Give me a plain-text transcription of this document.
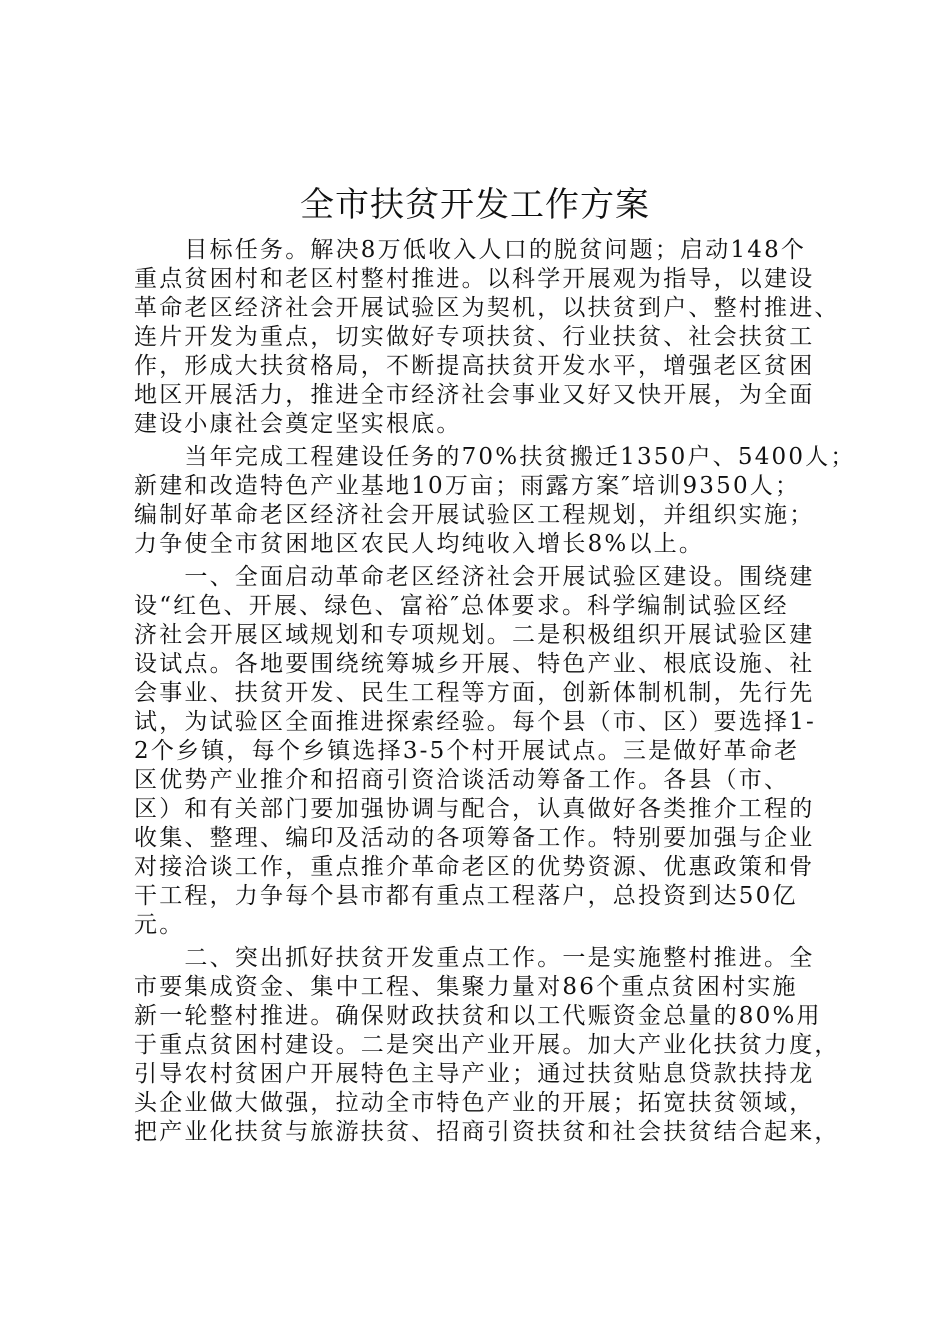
全市扶贫开发工作方案
　　目标任务。解决8万低收入人口的脱贫问题；启动148个
重点贫困村和老区村整村推进。以科学开展观为指导，以建设
革命老区经济社会开展试验区为契机，以扶贫到户、整村推进、
连片开发为重点，切实做好专项扶贫、行业扶贫、社会扶贫工
作，形成大扶贫格局，不断提高扶贫开发水平，增强老区贫困
地区开展活力，推进全市经济社会事业又好又快开展，为全面
建设小康社会奠定坚实根底。
　　当年完成工程建设任务的70%扶贫搬迁1350户、5400人；
新建和改造特色产业基地10万亩；雨露方案″培训9350人；
编制好革命老区经济社会开展试验区工程规划，并组织实施；
力争使全市贫困地区农民人均纯收入增长8%以上。
　　一、全面启动革命老区经济社会开展试验区建设。围绕建
设“红色、开展、绿色、富裕″总体要求。科学编制试验区经
济社会开展区域规划和专项规划。二是积极组织开展试验区建
设试点。各地要围绕统筹城乡开展、特色产业、根底设施、社
会事业、扶贫开发、民生工程等方面，创新体制机制，先行先
试，为试验区全面推进探索经验。每个县（市、区）要选择1-
2个乡镇，每个乡镇选择3-5个村开展试点。三是做好革命老
区优势产业推介和招商引资洽谈活动筹备工作。各县（市、
区）和有关部门要加强协调与配合，认真做好各类推介工程的
收集、整理、编印及活动的各项筹备工作。特别要加强与企业
对接洽谈工作，重点推介革命老区的优势资源、优惠政策和骨
干工程，力争每个县市都有重点工程落户，总投资到达50亿
元。
　　二、突出抓好扶贫开发重点工作。一是实施整村推进。全
市要集成资金、集中工程、集聚力量对86个重点贫困村实施
新一轮整村推进。确保财政扶贫和以工代赈资金总量的80%用
于重点贫困村建设。二是突出产业开展。加大产业化扶贫力度，
引导农村贫困户开展特色主导产业；通过扶贫贴息贷款扶持龙
头企业做大做强，拉动全市特色产业的开展；拓宽扶贫领域，
把产业化扶贫与旅游扶贫、招商引资扶贫和社会扶贫结合起来，
